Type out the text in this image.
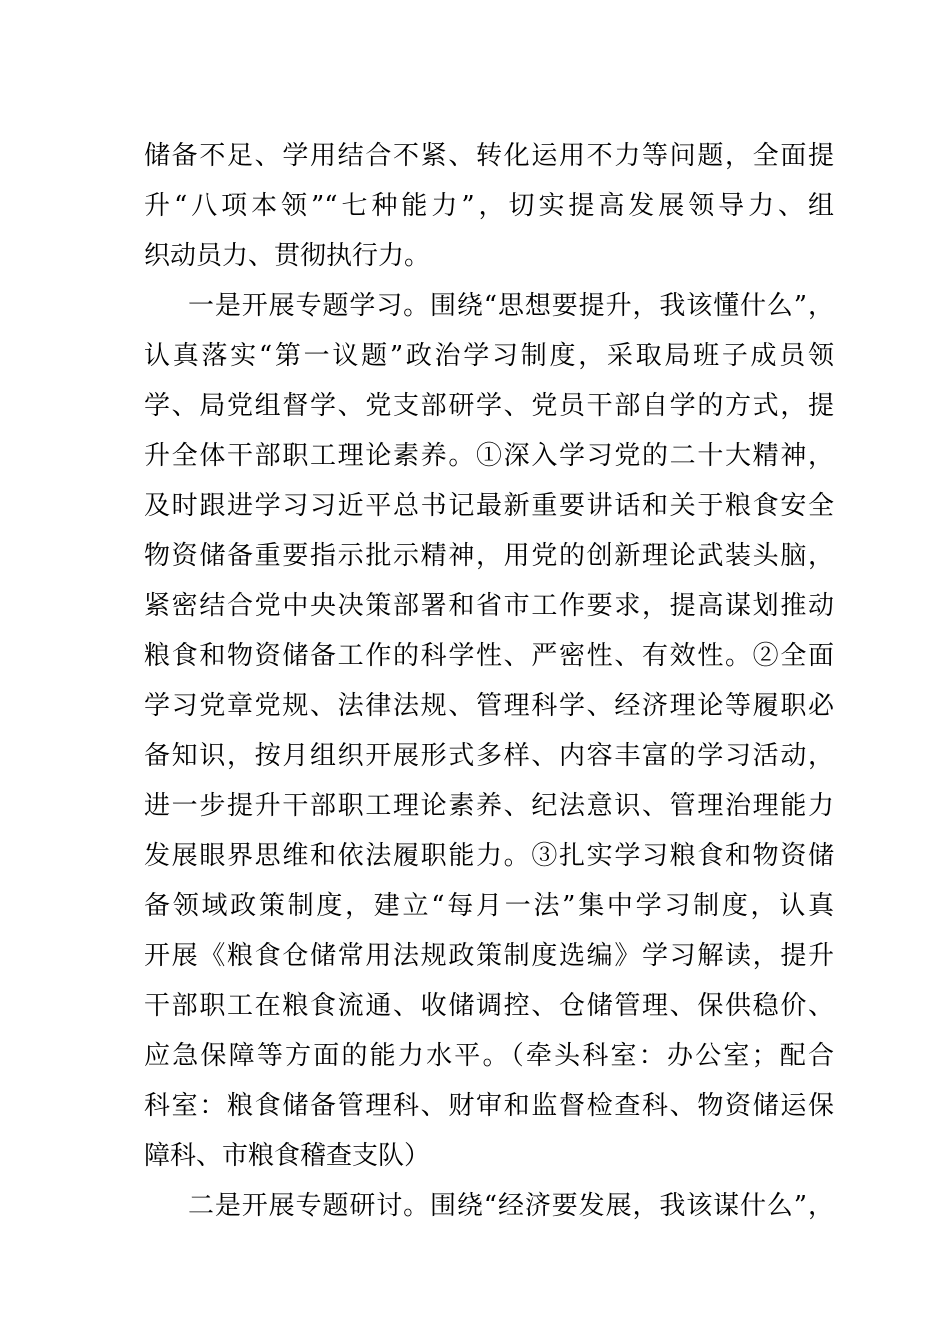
储备不足、学用结合不紧、转化运用不力等问题，全面提
升“八项本领”“七种能力”，切实提高发展领导力、组
织动员力、贯彻执行力。
一是开展专题学习。围绕“思想要提升，我该懂什么”，
认真落实“第一议题”政治学习制度，采取局班子成员领
学、局党组督学、党支部研学、党员干部自学的方式，提
升全体干部职工理论素养。①深入学习党的二十大精神，
及时跟进学习习近平总书记最新重要讲话和关于粮食安全
物资储备重要指示批示精神，用党的创新理论武装头脑，
紧密结合党中央决策部署和省市工作要求，提高谋划推动
粮食和物资储备工作的科学性、严密性、有效性。②全面
学习党章党规、法律法规、管理科学、经济理论等履职必
备知识，按月组织开展形式多样、内容丰富的学习活动，
进一步提升干部职工理论素养、纪法意识、管理治理能力
发展眼界思维和依法履职能力。③扎实学习粮食和物资储
备领域政策制度，建立“每月一法”集中学习制度，认真
开展《粮食仓储常用法规政策制度选编》学习解读，提升
干部职工在粮食流通、收储调控、仓储管理、保供稳价、
应急保障等方面的能力水平。（牵头科室：办公室；配合
科室：粮食储备管理科、财审和监督检查科、物资储运保
障科、市粮食稽查支队）
二是开展专题研讨。围绕“经济要发展，我该谋什么”，
